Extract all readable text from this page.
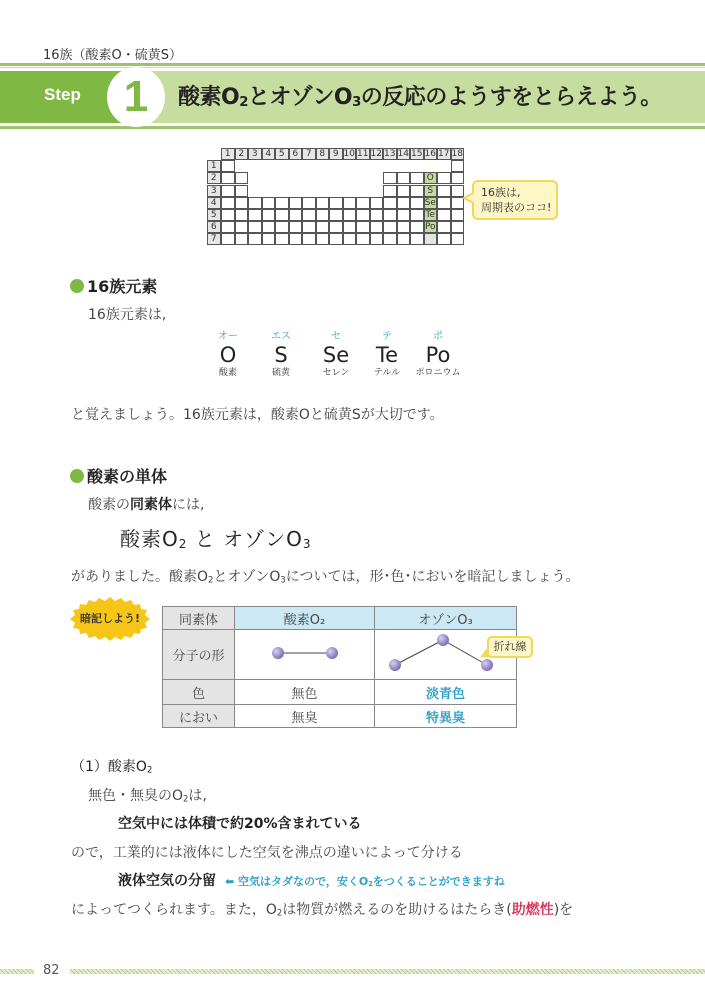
16族（酸素O・硫黄S）
Step 1	酸素$O_2$とオゾン$O_3$の反応のようすをとらえよう。
1 2 3 4 5 6 7 8 9 10 11 12 13 14 15 16 17 18
1
2	O
3	S
4	Se
5	Te
6	Po
7
16族は,
周期表のココ!
16族元素
16族元素は,
オー
O
酸素
エス
S
硫黄
セ
Se
セレン
テ
Te
テルル
ポ
Po
ポロニウム
と覚えましょう。16族元素は，酸素Oと硫黄Sが大切です。
酸素の単体
酸素の同素体には,
酸素O2 と オゾンO3
がありました。酸素O2とオゾンO3については，形･色･においを暗記しましょう。
暗記しよう!	同素体	酸素O₂	オゾンO₃
分子の形		
色	無色	淡青色
におい	無臭	特異臭
折れ線
（1）酸素O2
無色・無臭のO2は,
空気中には体積で約20%含まれている
ので，工業的には液体にした空気を沸点の違いによって分ける
液体空気の分留 ⬅ 空気はタダなので，安くO2をつくることができますね
によってつくられます。また，O2は物質が燃えるのを助けるはたらき(助燃性)を
82
